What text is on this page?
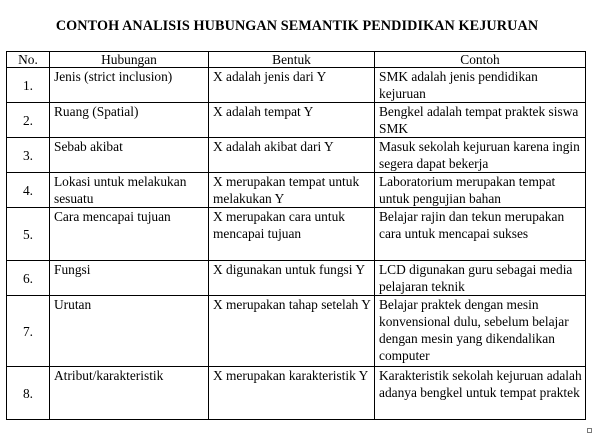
CONTOH ANALISIS HUBUNGAN SEMANTIK PENDIDIKAN KEJURUAN
No.	Hubungan	Bentuk	Contoh
1.	Jenis (strict inclusion)	X adalah jenis dari Y	SMK adalah jenis pendidikan kejuruan
2.	Ruang (Spatial)	X adalah tempat Y	Bengkel adalah tempat praktek siswa SMK
3.	Sebab akibat	X adalah akibat dari Y	Masuk sekolah kejuruan karena ingin segera dapat bekerja
4.	Lokasi untuk melakukan sesuatu	X merupakan tempat untuk melakukan Y	Laboratorium merupakan tempat untuk pengujian bahan
5.	Cara mencapai tujuan	X merupakan cara untuk mencapai tujuan	Belajar rajin dan tekun merupakan cara untuk mencapai sukses
6.	Fungsi	X digunakan untuk fungsi Y	LCD digunakan guru sebagai media pelajaran teknik
7.	Urutan	X merupakan tahap setelah Y	Belajar praktek dengan mesin konvensional dulu, sebelum belajar dengan mesin yang dikendalikan computer
8.	Atribut/karakteristik	X merupakan karakteristik Y	Karakteristik sekolah kejuruan adalah adanya bengkel untuk tempat praktek
